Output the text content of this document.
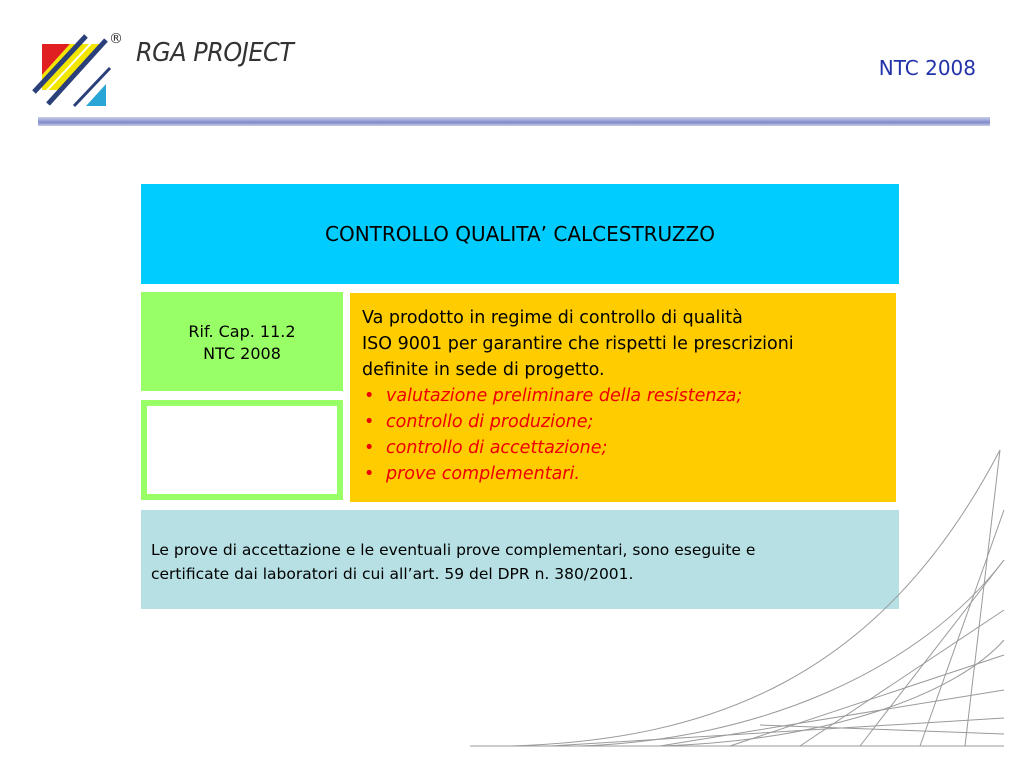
® RGA PROJECT	NTC 2008
CONTROLLO QUALITA’ CALCESTRUZZO
Rif. Cap. 11.2
NTC 2008

Va prodotto in regime di controllo di qualità

ISO 9001 per garantire che rispetti le prescrizioni

definite in sede di progetto.

• valutazione preliminare della resistenza;
• controllo di produzione;
• controllo di accettazione;
• prove complementari.
Le prove di accettazione e le eventuali prove complementari, sono eseguite e
certificate dai laboratori di cui all’art. 59 del DPR n. 380/2001.
